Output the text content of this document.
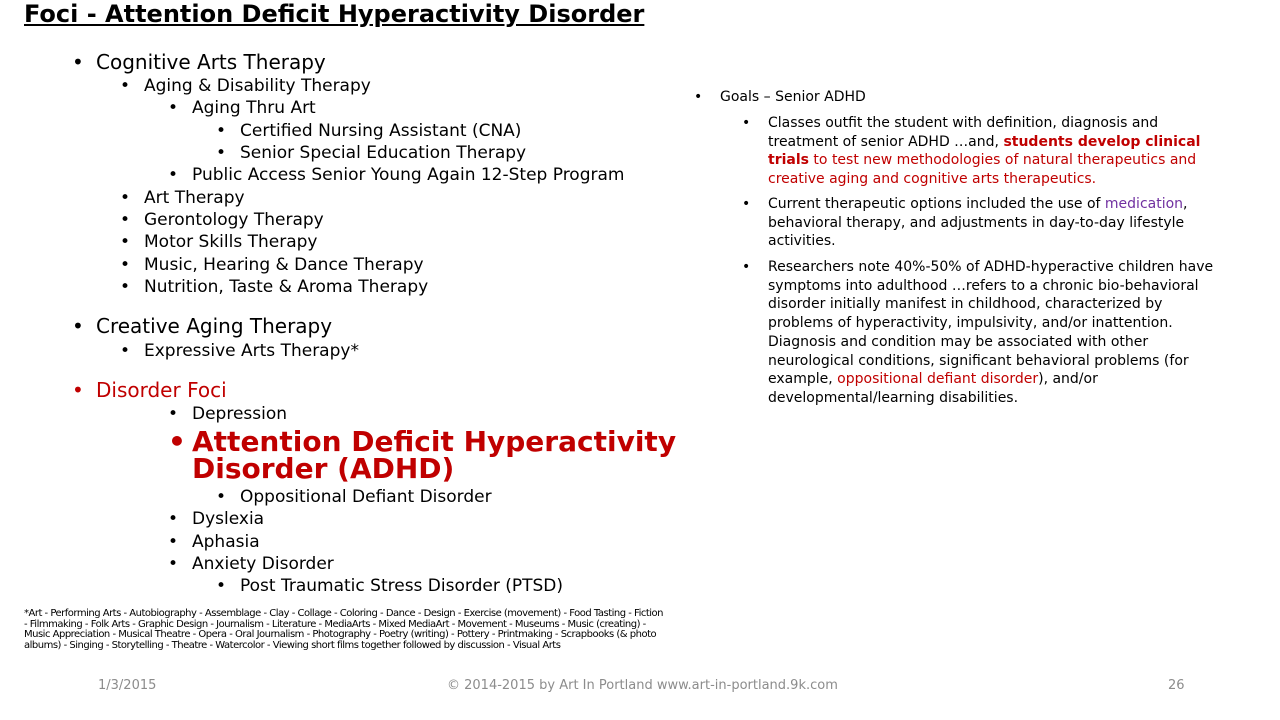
Foci - Attention Deficit Hyperactivity Disorder
• Cognitive Arts Therapy
• Aging & Disability Therapy
• Aging Thru Art
• Certified Nursing Assistant (CNA)
• Senior Special Education Therapy
• Public Access Senior Young Again 12-Step Program
• Art Therapy
• Gerontology Therapy
• Motor Skills Therapy
• Music, Hearing & Dance Therapy
• Nutrition, Taste & Aroma Therapy
• Creative Aging Therapy
• Expressive Arts Therapy*
• Disorder Foci
• Depression
• Attention Deficit Hyperactivity
Disorder (ADHD)
• Oppositional Defiant Disorder
• Dyslexia
• Aphasia
• Anxiety Disorder
• Post Traumatic Stress Disorder (PTSD)
*Art - Performing Arts - Autobiography - Assemblage - Clay - Collage - Coloring - Dance - Design - Exercise (movement) - Food Tasting - Fiction - Filmmaking - Folk Arts - Graphic Design - Journalism - Literature - MediaArts - Mixed MediaArt - Movement - Museums - Music (creating) - Music Appreciation - Musical Theatre - Opera - Oral Journalism - Photography - Poetry (writing) - Pottery - Printmaking - Scrapbooks (& photo albums) - Singing - Storytelling - Theatre - Watercolor - Viewing short films together followed by discussion - Visual Arts
• Goals – Senior ADHD
• Classes outfit the student with definition, diagnosis and treatment of senior ADHD …and, students develop clinical trials to test new methodologies of natural therapeutics and creative aging and cognitive arts therapeutics.
• Current therapeutic options included the use of medication, behavioral therapy, and adjustments in day-to-day lifestyle activities.
• Researchers note 40%-50% of ADHD-hyperactive children have symptoms into adulthood …refers to a chronic bio-behavioral disorder initially manifest in childhood, characterized by problems of hyperactivity, impulsivity, and/or inattention. Diagnosis and condition may be associated with other neurological conditions, significant behavioral problems (for example, oppositional defiant disorder), and/or developmental/learning disabilities.
1/3/2015	© 2014-2015 by Art In Portland www.art-in-portland.9k.com	26
